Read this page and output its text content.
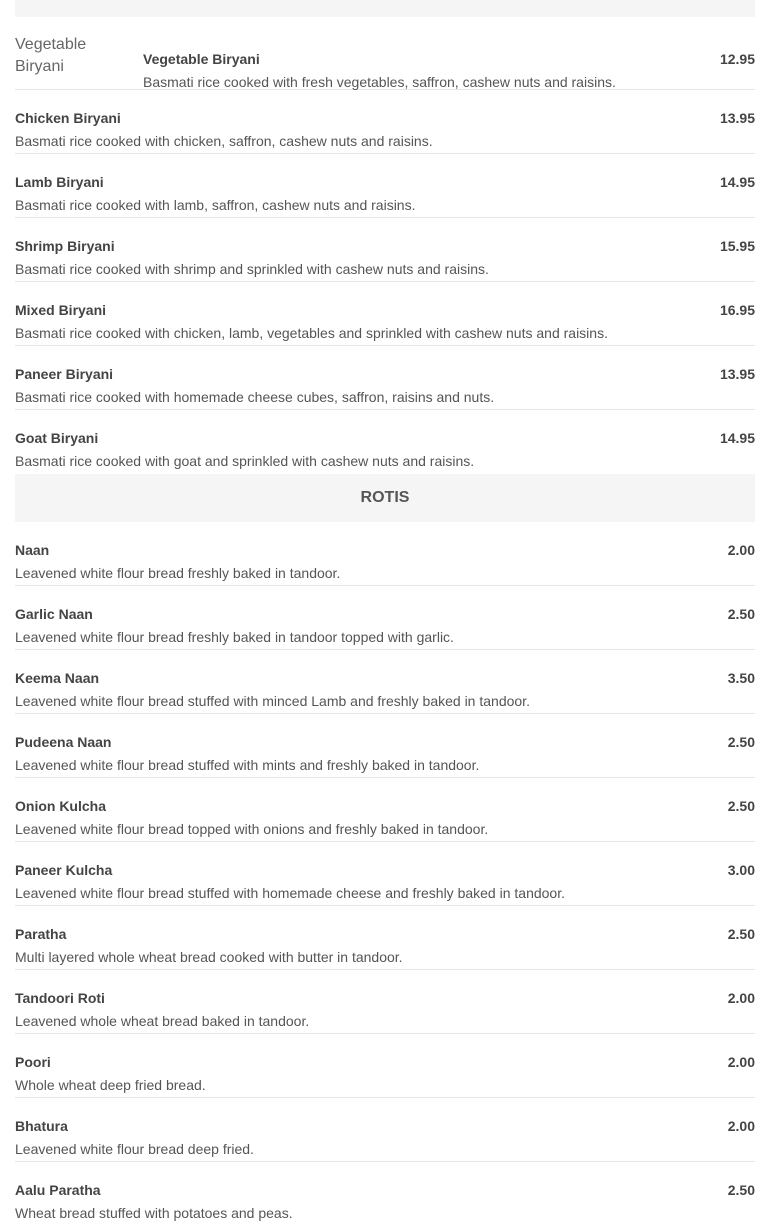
Vegetable Biryani	Vegetable Biryani
Basmati rice cooked with fresh vegetables, saffron, cashew nuts and raisins.
12.95
Chicken Biryani
Basmati rice cooked with chicken, saffron, cashew nuts and raisins.
13.95
Lamb Biryani
Basmati rice cooked with lamb, saffron, cashew nuts and raisins.
14.95
Shrimp Biryani
Basmati rice cooked with shrimp and sprinkled with cashew nuts and raisins.
15.95
Mixed Biryani
Basmati rice cooked with chicken, lamb, vegetables and sprinkled with cashew nuts and raisins.
16.95
Paneer Biryani
Basmati rice cooked with homemade cheese cubes, saffron, raisins and nuts.
13.95
Goat Biryani
Basmati rice cooked with goat and sprinkled with cashew nuts and raisins.
14.95
ROTIS
Naan
Leavened white flour bread freshly baked in tandoor.
2.00
Garlic Naan
Leavened white flour bread freshly baked in tandoor topped with garlic.
2.50
Keema Naan
Leavened white flour bread stuffed with minced Lamb and freshly baked in tandoor.
3.50
Pudeena Naan
Leavened white flour bread stuffed with mints and freshly baked in tandoor.
2.50
Onion Kulcha
Leavened white flour bread topped with onions and freshly baked in tandoor.
2.50
Paneer Kulcha
Leavened white flour bread stuffed with homemade cheese and freshly baked in tandoor.
3.00
Paratha
Multi layered whole wheat bread cooked with butter in tandoor.
2.50
Tandoori Roti
Leavened whole wheat bread baked in tandoor.
2.00
Poori
Whole wheat deep fried bread.
2.00
Bhatura
Leavened white flour bread deep fried.
2.00
Aalu Paratha
Wheat bread stuffed with potatoes and peas.
2.50
